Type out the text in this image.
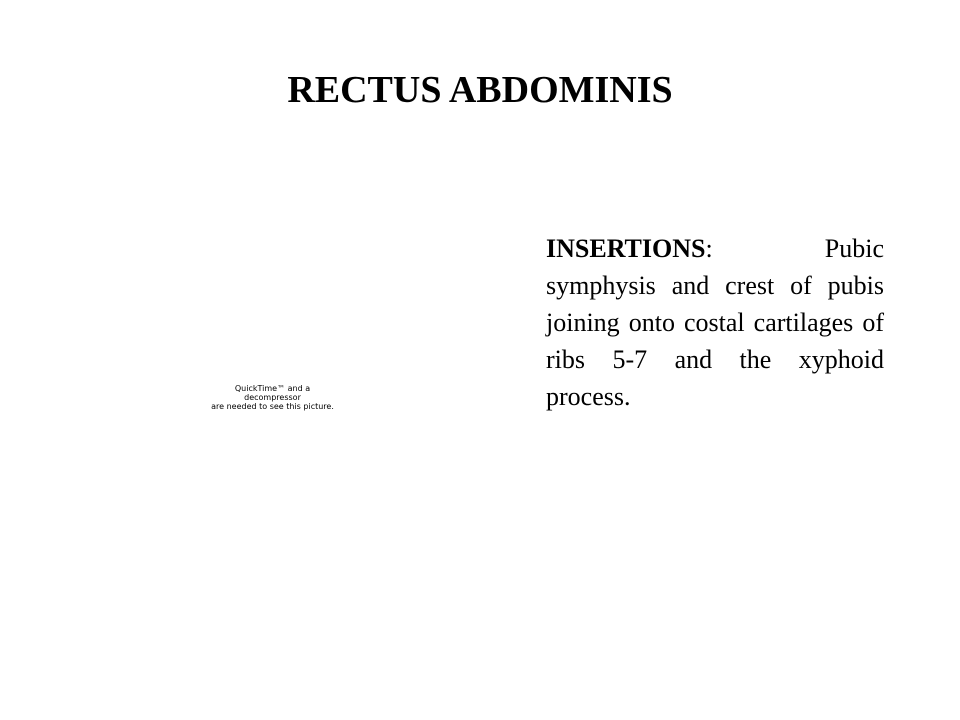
RECTUS ABDOMINIS
QuickTime™ and a
decompressor
are needed to see this picture.

INSERTIONS: Pubic symphysis and crest of pubis joining onto costal cartilages of ribs 5-7 and the xyphoid process.
